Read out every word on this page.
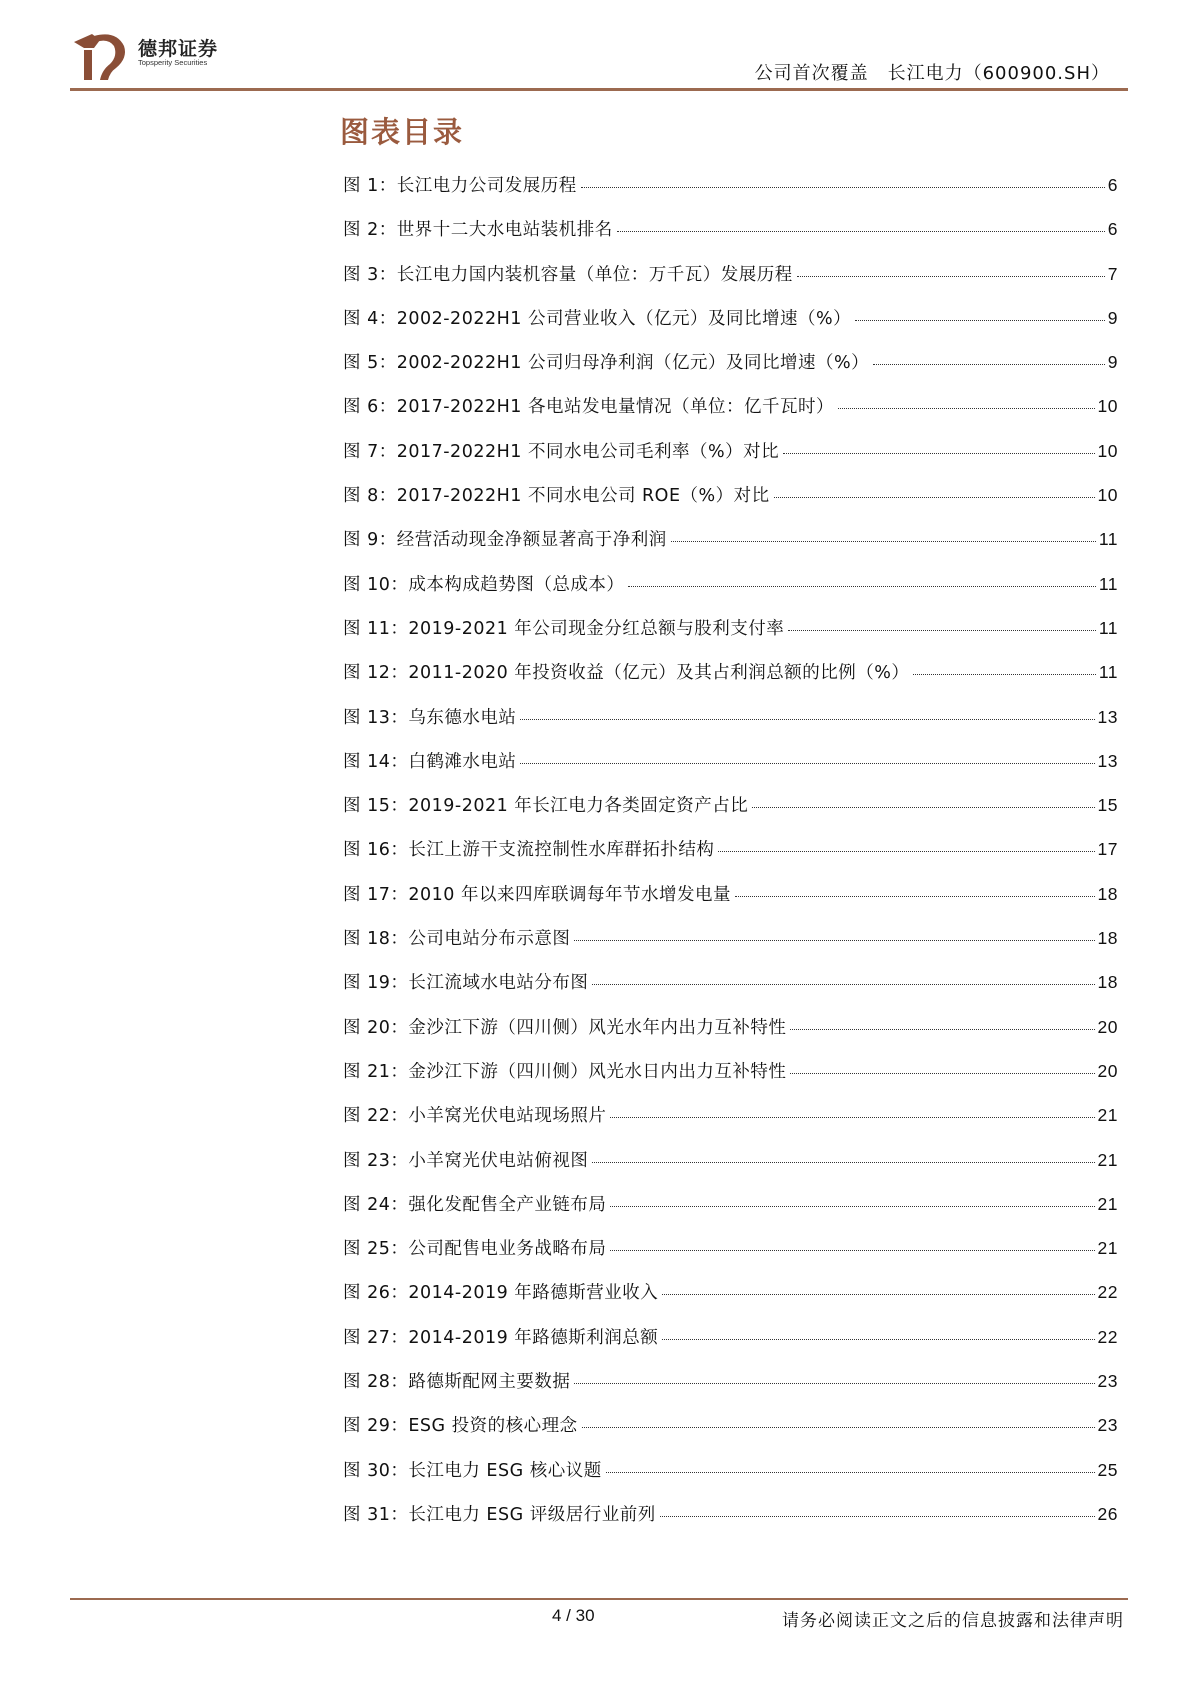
德邦证券
Topsperity Securities
公司首次覆盖　长江电力（600900.SH）
图表目录
图 1： 长江电力公司发展历程	6
图 2： 世界十二大水电站装机排名	6
图 3： 长江电力国内装机容量（单位：万千瓦）发展历程	7
图 4： 2002-2022H1 公司营业收入（亿元）及同比增速（%）	9
图 5： 2002-2022H1 公司归母净利润（亿元）及同比增速（%）	9
图 6： 2017-2022H1 各电站发电量情况（单位：亿千瓦时）	10
图 7： 2017-2022H1 不同水电公司毛利率（%）对比	10
图 8： 2017-2022H1 不同水电公司 ROE（%）对比	10
图 9： 经营活动现金净额显著高于净利润	11
图 10： 成本构成趋势图（总成本）	11
图 11： 2019-2021 年公司现金分红总额与股利支付率	11
图 12： 2011-2020 年投资收益（亿元）及其占利润总额的比例（%）	11
图 13： 乌东德水电站	13
图 14： 白鹤滩水电站	13
图 15： 2019-2021 年长江电力各类固定资产占比	15
图 16： 长江上游干支流控制性水库群拓扑结构	17
图 17： 2010 年以来四库联调每年节水增发电量	18
图 18： 公司电站分布示意图	18
图 19： 长江流域水电站分布图	18
图 20： 金沙江下游（四川侧）风光水年内出力互补特性	20
图 21： 金沙江下游（四川侧）风光水日内出力互补特性	20
图 22： 小羊窝光伏电站现场照片	21
图 23： 小羊窝光伏电站俯视图	21
图 24： 强化发配售全产业链布局	21
图 25： 公司配售电业务战略布局	21
图 26： 2014-2019 年路德斯营业收入	22
图 27： 2014-2019 年路德斯利润总额	22
图 28： 路德斯配网主要数据	23
图 29： ESG 投资的核心理念	23
图 30： 长江电力 ESG 核心议题	25
图 31： 长江电力 ESG 评级居行业前列	26
4 / 30	请务必阅读正文之后的信息披露和法律声明
